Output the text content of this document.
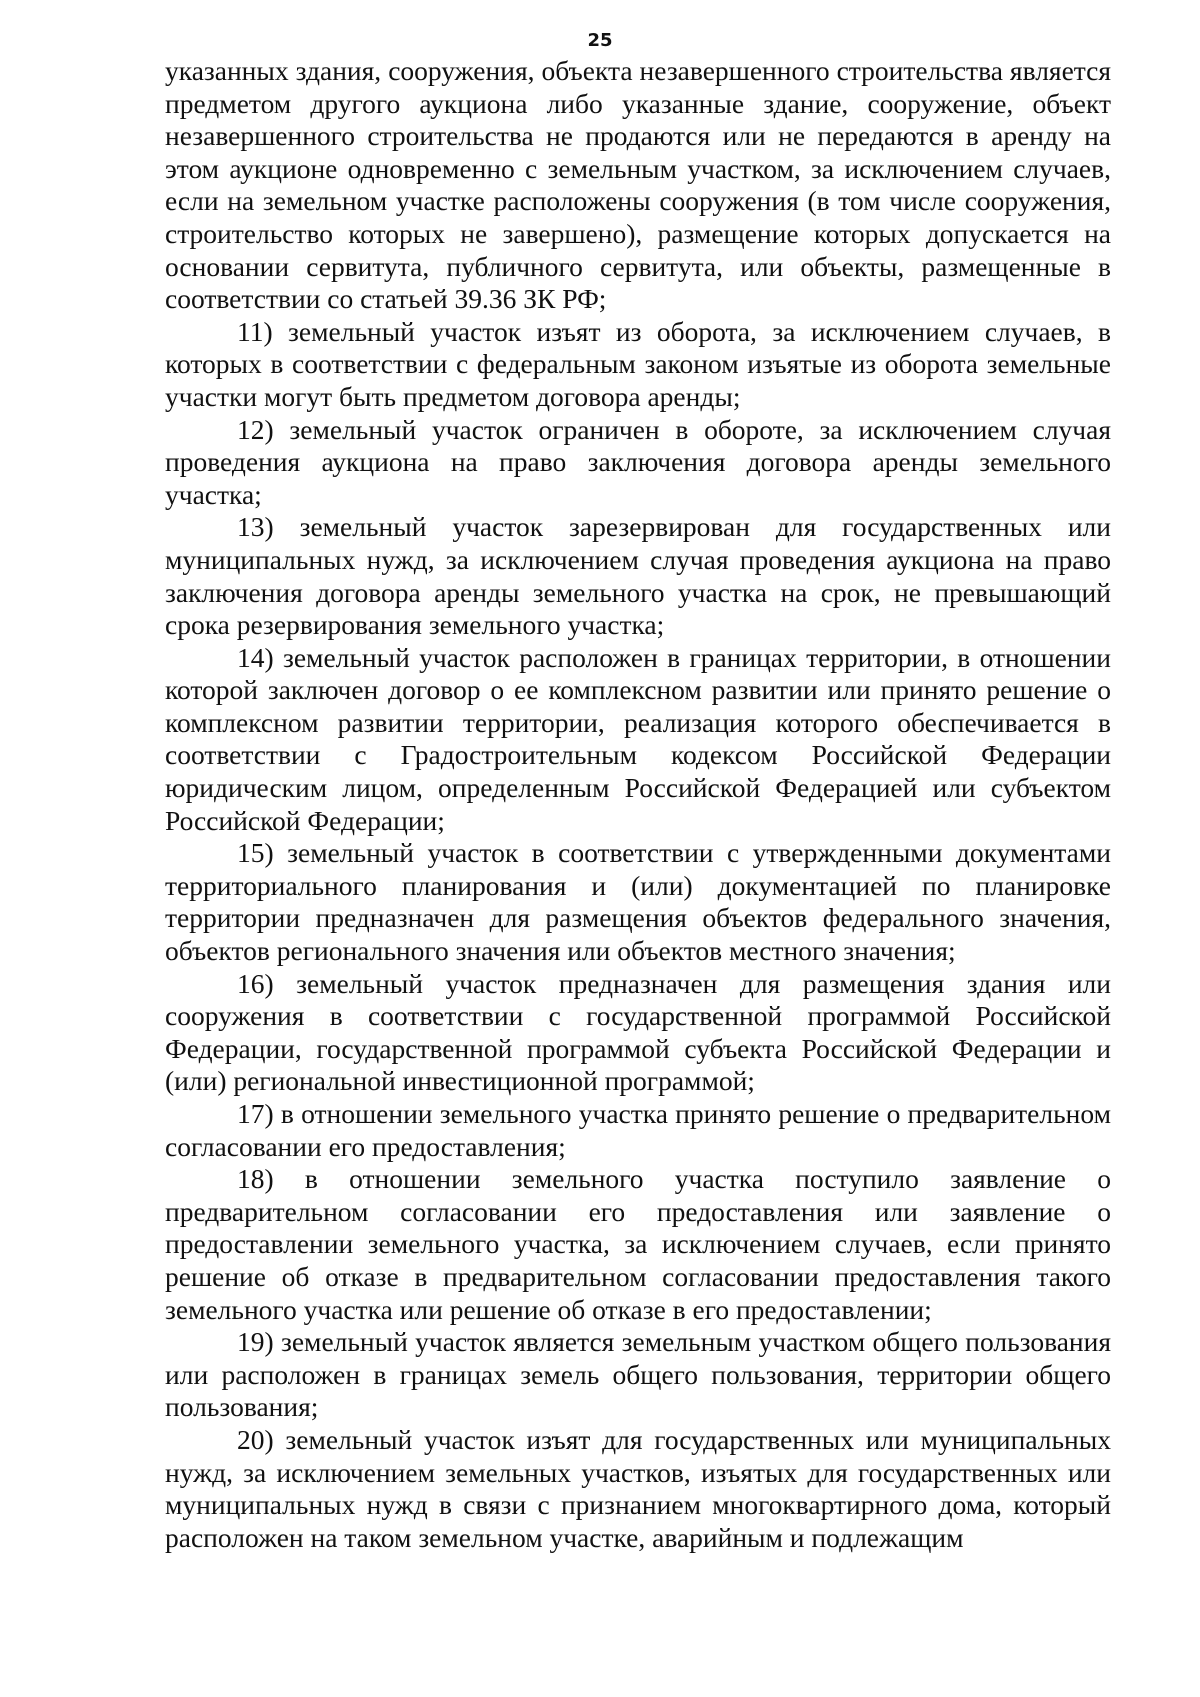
25

указанных здания, сооружения, объекта незавершенного строительства является предметом другого аукциона либо указанные здание, сооружение, объект незавершенного строительства не продаются или не передаются в аренду на этом аукционе одновременно с земельным участком, за исключением случаев, если на земельном участке расположены сооружения (в том числе сооружения, строительство которых не завершено), размещение которых допускается на основании сервитута, публичного сервитута, или объекты, размещенные в соответствии со статьей 39.36 ЗК РФ;

11) земельный участок изъят из оборота, за исключением случаев, в которых в соответствии с федеральным законом изъятые из оборота земельные участки могут быть предметом договора аренды;

12) земельный участок ограничен в обороте, за исключением случая проведения аукциона на право заключения договора аренды земельного участка;

13) земельный участок зарезервирован для государственных или муниципальных нужд, за исключением случая проведения аукциона на право заключения договора аренды земельного участка на срок, не превышающий срока резервирования земельного участка;

14) земельный участок расположен в границах территории, в отношении которой заключен договор о ее комплексном развитии или принято решение о комплексном развитии территории, реализация которого обеспечивается в соответствии с Градостроительным кодексом Российской Федерации юридическим лицом, определенным Российской Федерацией или субъектом Российской Федерации;

15) земельный участок в соответствии с утвержденными документами территориального планирования и (или) документацией по планировке территории предназначен для размещения объектов федерального значения, объектов регионального значения или объектов местного значения;

16) земельный участок предназначен для размещения здания или сооружения в соответствии с государственной программой Российской Федерации, государственной программой субъекта Российской Федерации и (или) региональной инвестиционной программой;

17) в отношении земельного участка принято решение о предварительном согласовании его предоставления;

18) в отношении земельного участка поступило заявление о предварительном согласовании его предоставления или заявление о предоставлении земельного участка, за исключением случаев, если принято решение об отказе в предварительном согласовании предоставления такого земельного участка или решение об отказе в его предоставлении;

19) земельный участок является земельным участком общего пользования или расположен в границах земель общего пользования, территории общего пользования;

20) земельный участок изъят для государственных или муниципальных нужд, за исключением земельных участков, изъятых для государственных или муниципальных нужд в связи с признанием многоквартирного дома, который расположен на таком земельном участке, аварийным и подлежащим
